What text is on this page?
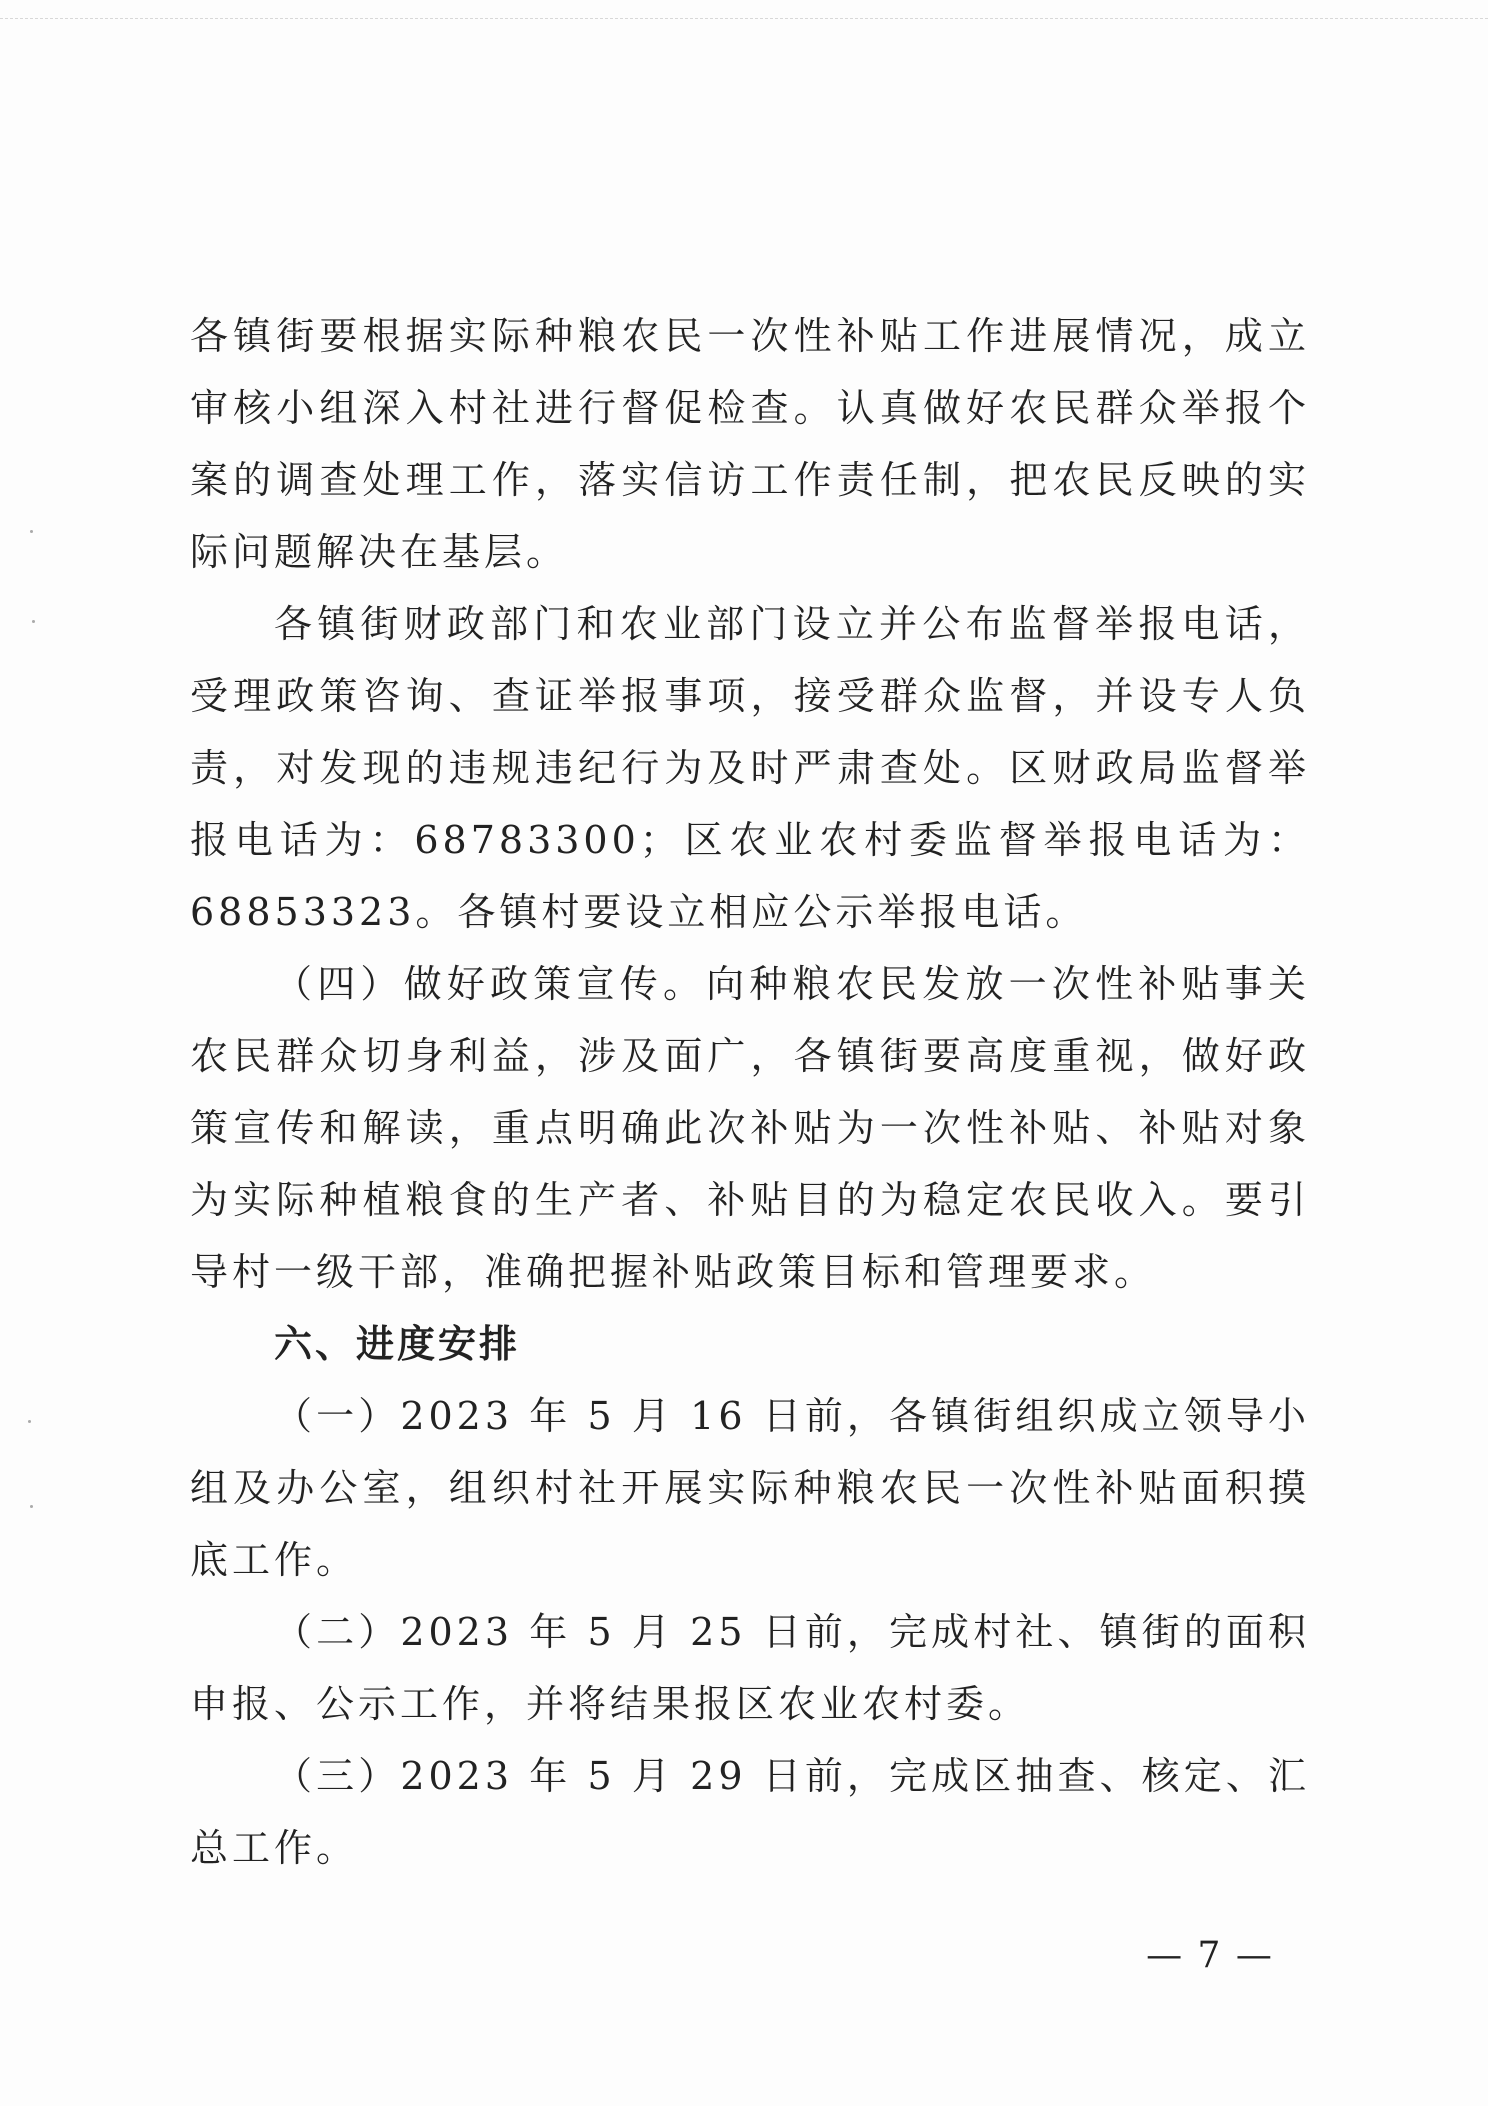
各镇街要根据实际种粮农民一次性补贴工作进展情况，成立审核小组深入村社进行督促检查。认真做好农民群众举报个案的调查处理工作，落实信访工作责任制，把农民反映的实际问题解决在基层。

各镇街财政部门和农业部门设立并公布监督举报电话，受理政策咨询、查证举报事项，接受群众监督，并设专人负责，对发现的违规违纪行为及时严肃查处。区财政局监督举报电话为：68783300；区农业农村委监督举报电话为：68853323。各镇村要设立相应公示举报电话。

（四）做好政策宣传。向种粮农民发放一次性补贴事关农民群众切身利益，涉及面广，各镇街要高度重视，做好政策宣传和解读，重点明确此次补贴为一次性补贴、补贴对象为实际种植粮食的生产者、补贴目的为稳定农民收入。要引导村一级干部，准确把握补贴政策目标和管理要求。

六、进度安排

（一）2023 年 5 月 16 日前，各镇街组织成立领导小组及办公室，组织村社开展实际种粮农民一次性补贴面积摸底工作。

（二）2023 年 5 月 25 日前，完成村社、镇街的面积申报、公示工作，并将结果报区农业农村委。

（三）2023 年 5 月 29 日前，完成区抽查、核定、汇总工作。

— 7 —
